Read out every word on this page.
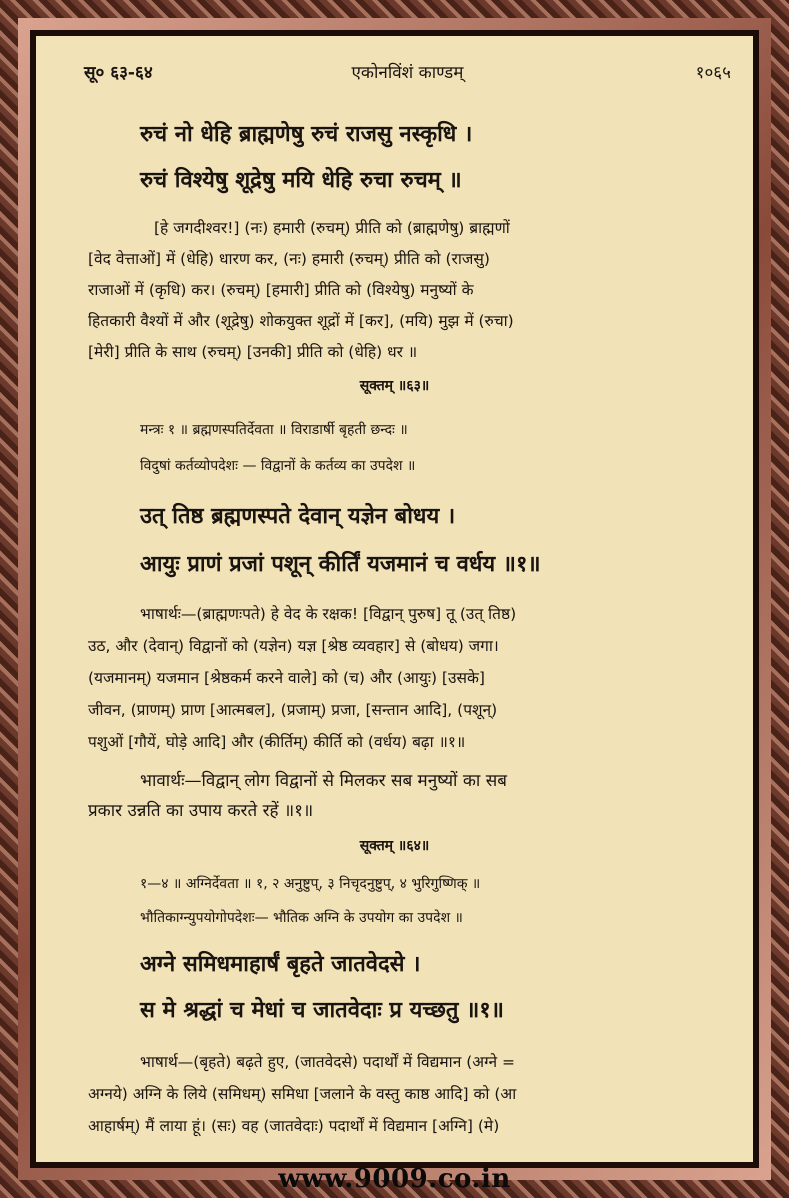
सू० ६३-६४	एकोनविंशं काण्डम्	१०६५
रुचं नो धेहि ब्राह्मणेषु रुचं राजसु नस्कृधि ।
रुचं विश्येषु शूद्रेषु मयि धेहि रुचा रुचम् ॥
[हे जगदीश्वर!] (नः) हमारी (रुचम्) प्रीति को (ब्राह्मणेषु) ब्राह्मणों
[वेद वेत्ताओं] में (धेहि) धारण कर, (नः) हमारी (रुचम्) प्रीति को (राजसु)
राजाओं में (कृधि) कर। (रुचम्) [हमारी] प्रीति को (विश्येषु) मनुष्यों के
हितकारी वैश्यों में और (शूद्रेषु) शोकयुक्त शूद्रों में [कर], (मयि) मुझ में (रुचा)
[मेरी] प्रीति के साथ (रुचम्) [उनकी] प्रीति को (धेहि) धर ॥
सूक्तम् ॥६३॥
मन्त्रः १ ॥ ब्रह्मणस्पतिर्देवता ॥ विराडार्षी बृहती छन्दः ॥
विदुषां कर्तव्योपदेशः — विद्वानों के कर्तव्य का उपदेश ॥
उत् तिष्ठ ब्रह्मणस्पते देवान् यज्ञेन बोधय ।
आयुः प्राणं प्रजां पशून् कीर्तिं यजमानं च वर्धय ॥१॥
भाषार्थः—(ब्राह्मणःपते) हे वेद के रक्षक! [विद्वान् पुरुष] तू (उत् तिष्ठ)
उठ, और (देवान्) विद्वानों को (यज्ञेन) यज्ञ [श्रेष्ठ व्यवहार] से (बोधय) जगा।
(यजमानम्) यजमान [श्रेष्ठकर्म करने वाले] को (च) और (आयुः) [उसके]
जीवन, (प्राणम्) प्राण [आत्मबल], (प्रजाम्) प्रजा, [सन्तान आदि], (पशून्)
पशुओं [गौयें, घोड़े आदि] और (कीर्तिम्) कीर्ति को (वर्धय) बढ़ा ॥१॥
भावार्थः—विद्वान् लोग विद्वानों से मिलकर सब मनुष्यों का सब
प्रकार उन्नति का उपाय करते रहें ॥१॥
सूक्तम् ॥६४॥
१—४ ॥ अग्निर्देवता ॥ १, २ अनुष्टुप्, ३ निचृदनुष्टुप्, ४ भुरिगुष्णिक् ॥
भौतिकाग्न्युपयोगोपदेशः— भौतिक अग्नि के उपयोग का उपदेश ॥
अग्ने समिधमाहार्षं बृहते जातवेदसे ।
स मे श्रद्धां च मेधां च जातवेदाः प्र यच्छतु ॥१॥
भाषार्थ—(बृहते) बढ़ते हुए, (जातवेदसे) पदार्थों में विद्यमान (अग्ने =
अग्नये) अग्नि के लिये (समिधम्) समिधा [जलाने के वस्तु काष्ठ आदि] को (आ
आहार्षम्) मैं लाया हूं। (सः) वह (जातवेदाः) पदार्थों में विद्यमान [अग्नि] (मे)
www.9009.co.in
